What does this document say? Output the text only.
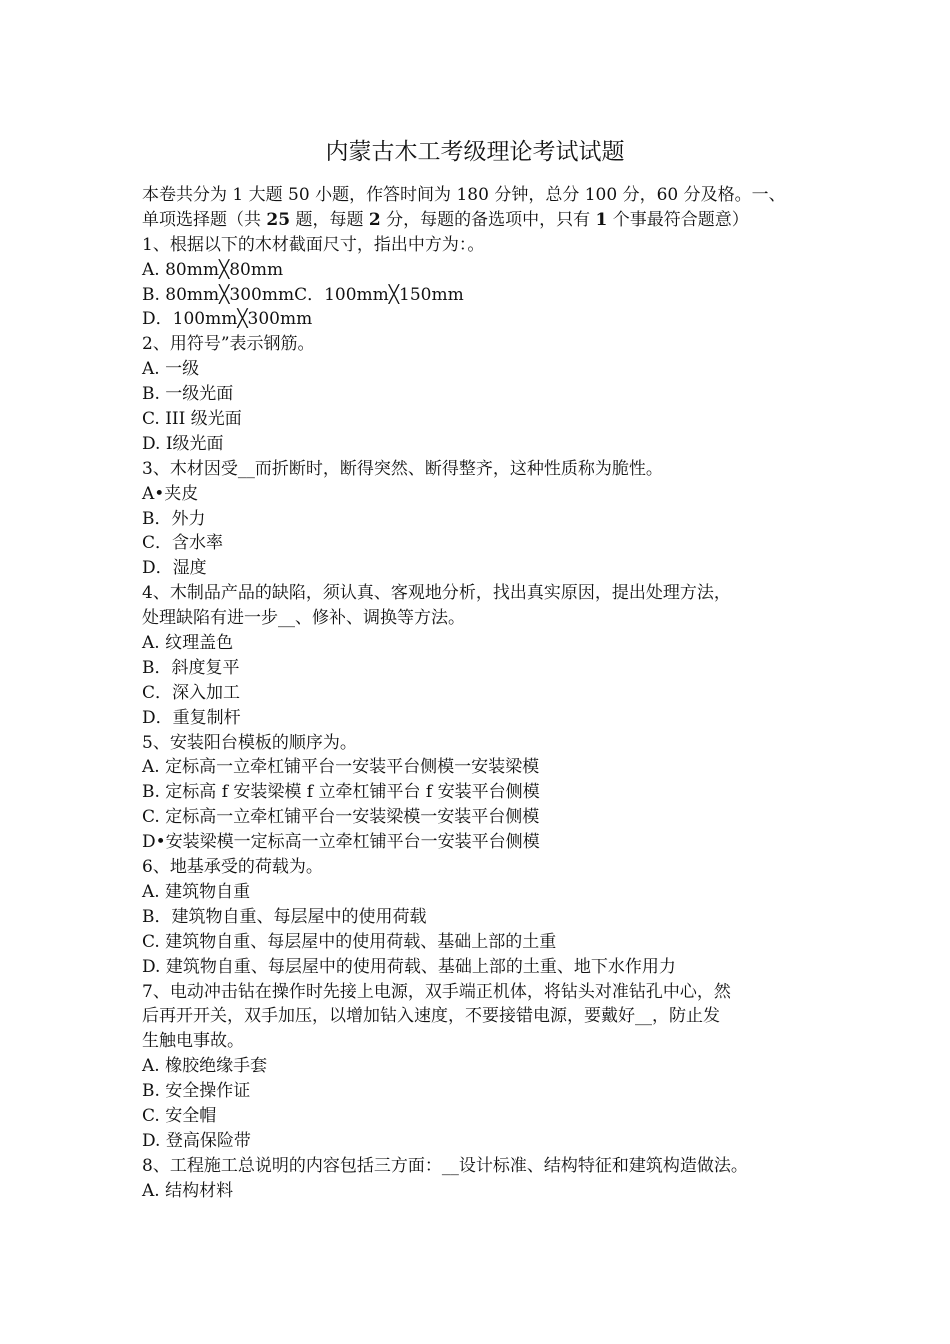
内蒙古木工考级理论考试试题
本卷共分为 1 大题 50 小题，作答时间为 180 分钟，总分 100 分，60 分及格。一、
单项选择题（共 25 题，每题 2 分，每题的备选项中，只有 1 个事最符合题意）
1、根据以下的木材截面尺寸，指出中方为：。
A. 80mm╳80mm
B. 80mm╳300mmC．100mm╳150mm
D．100mm╳300mm
2、用符号”表示钢筋。
A. 一级
B. 一级光面
C. III 级光面
D. Ⅰ级光面
3、木材因受__而折断时，断得突然、断得整齐，这种性质称为脆性。
A•夹皮
B．外力
C．含水率
D．湿度
4、木制品产品的缺陷，须认真、客观地分析，找出真实原因，提出处理方法，
处理缺陷有进一步__、修补、调换等方法。
A. 纹理盖色
B．斜度复平
C．深入加工
D．重复制杆
5、安装阳台模板的顺序为。
A. 定标高一立牵杠铺平台一安装平台侧模一安装梁模
B. 定标高 f 安装梁模 f 立牵杠铺平台 f 安装平台侧模
C. 定标高一立牵杠铺平台一安装梁模一安装平台侧模
D•安装梁模一定标高一立牵杠铺平台一安装平台侧模
6、地基承受的荷载为。
A. 建筑物自重
B．建筑物自重、每层屋中的使用荷载
C. 建筑物自重、每层屋中的使用荷载、基础上部的土重
D. 建筑物自重、每层屋中的使用荷载、基础上部的土重、地下水作用力
7、电动冲击钻在操作时先接上电源，双手端正机体，将钻头对准钻孔中心，然
后再开开关，双手加压，以增加钻入速度，不要接错电源，要戴好__，防止发
生触电事故。
A. 橡胶绝缘手套
B. 安全操作证
C. 安全帽
D. 登高保险带
8、工程施工总说明的内容包括三方面：__设计标准、结构特征和建筑构造做法。
A. 结构材料
